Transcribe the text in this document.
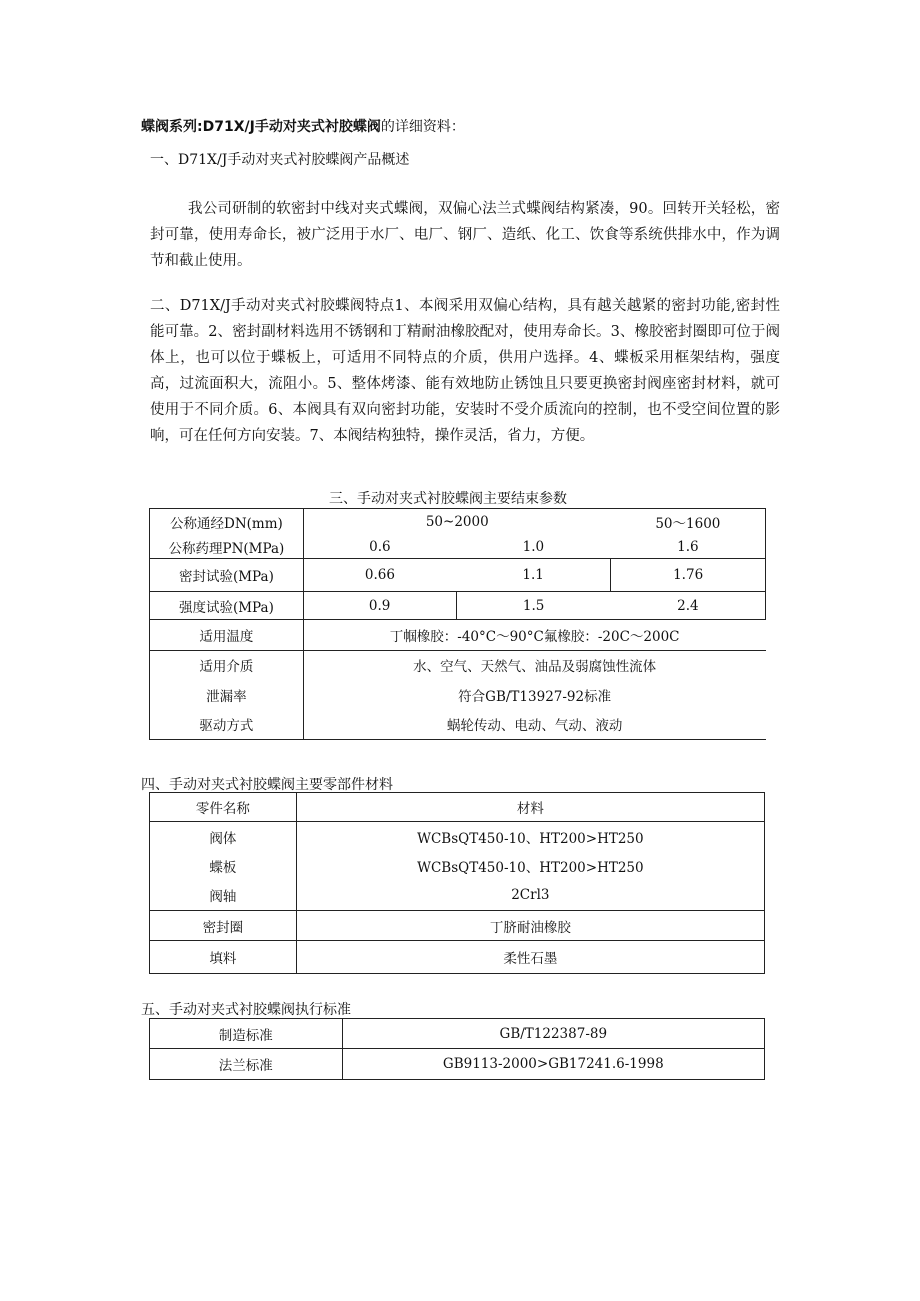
蝶阀系列:D71X/J手动对夹式衬胶蝶阀的详细资料：
一、D71X/J手动对夹式衬胶蝶阀产品概述
我公司研制的软密封中线对夹式蝶阀，双偏心法兰式蝶阀结构紧凑，90。回转开关轻松，密封可靠，使用寿命长，被广泛用于水厂、电厂、钢厂、造纸、化工、饮食等系统供排水中，作为调节和截止使用。
二、D71X/J手动对夹式衬胶蝶阀特点1、本阀采用双偏心结构，具有越关越紧的密封功能,密封性能可靠。2、密封副材料选用不锈钢和丁精耐油橡胶配对，使用寿命长。3、橡胶密封圈即可位于阀体上，也可以位于蝶板上，可适用不同特点的介质，供用户选择。4、蝶板采用框架结构，强度高，过流面积大，流阻小。5、整体烤漆、能有效地防止锈蚀且只要更换密封阀座密封材料，就可使用于不同介质。6、本阀具有双向密封功能，安装时不受介质流向的控制，也不受空间位置的影响，可在任何方向安装。7、本阀结构独特，操作灵活，省力，方便。
三、手动对夹式衬胶蝶阀主要结束参数
公称通经DN(mm)	50~2000		50～1600

公称药理PN(MPa)	0.6	1.0	1.6

密封试验(MPa)	0.66	1.1	1.76

强度试验(MPa)	0.9	1.5	2.4

适用温度	丁帼橡胶：-40°C～90°C氟橡胶：-20C～200C		

适用介质	水、空气、天然气、油品及弱腐蚀性流体		

泄漏率	符合GB/T13927-92标准		

驱动方式	蜗轮传动、电动、气动、液动		
四、手动对夹式衬胶蝶阀主要零部件材料
零件名称	材料

阀体	WCBsQT450-10、HT200>HT250

蝶板	WCBsQT450-10、HT200>HT250

阀轴	2Crl3

密封圈	丁脐耐油橡胶

填料	柔性石墨
五、手动对夹式衬胶蝶阀执行标准
制造标准	GB/T122387-89

法兰标准	GB9113-2000>GB17241.6-1998
